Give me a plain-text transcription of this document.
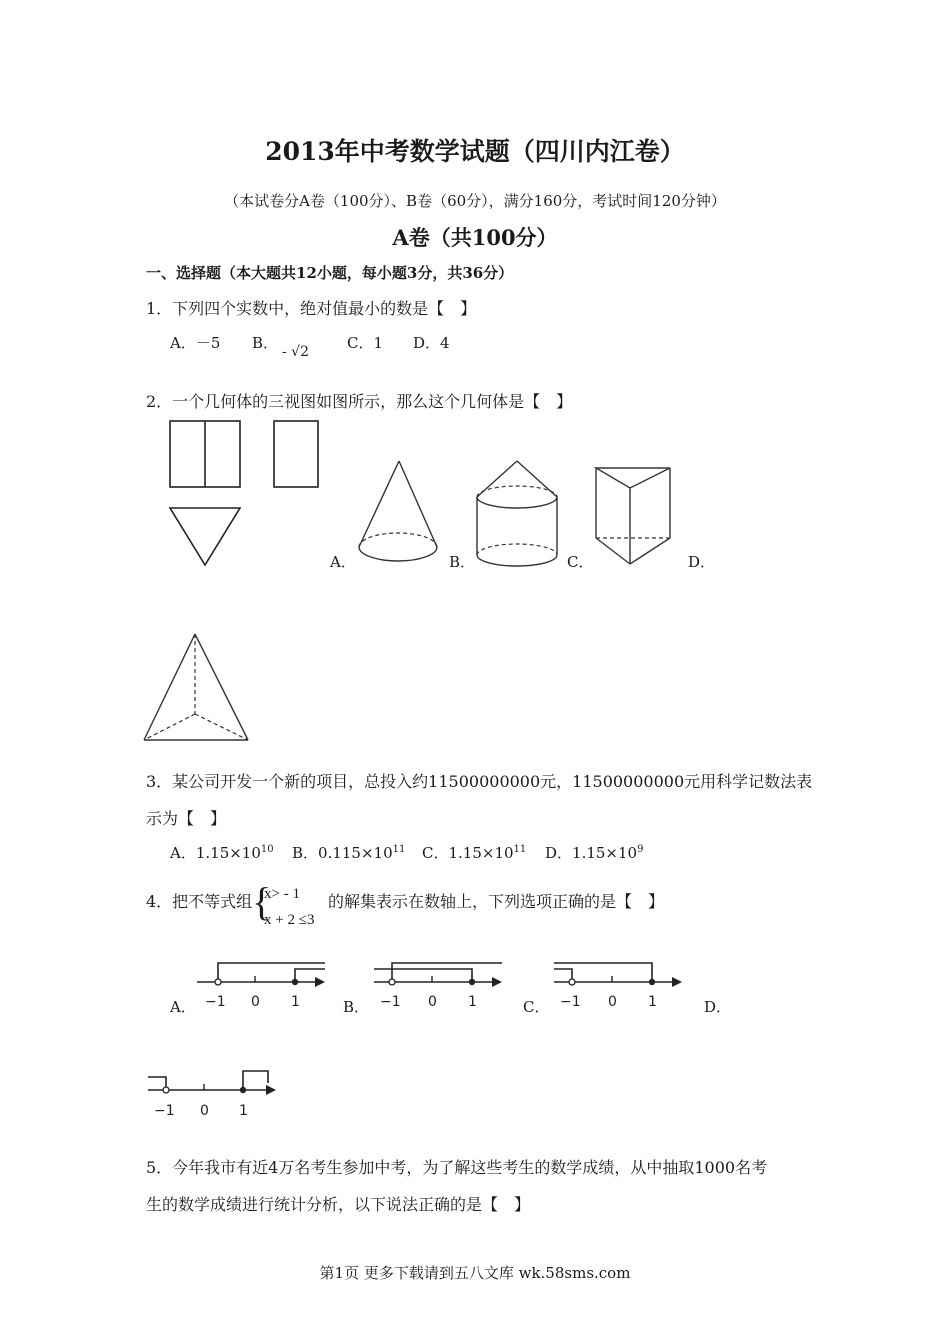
2013年中考数学试题（四川内江卷）
（本试卷分A卷（100分）、B卷（60分），满分160分，考试时间120分钟）
A卷（共100分）
一、选择题（本大题共12小题，每小题3分，共36分）
1．下列四个实数中，绝对值最小的数是【　】
A．－5 B． - √2	C．1 D．4
2．一个几何体的三视图如图所示，那么这个几何体是【　】
A．	B．	C．	D．
3．某公司开发一个新的项目，总投入约11500000000元，11500000000元用科学记数法表
示为【　】
A．$1.15\times 10^{10}$ B．$0.115\times 10^{11}$ C．$1.15\times 10^{11}$ D．$1.15\times 10^9$
4．把不等式组 {
x> - 1
x + 2 ≤3
的解集表示在数轴上，下列选项正确的是【　】
−1 0 1
A．	−1 0 1
B．	−1 0 1
C．	D．
−1 0 1
5．今年我市有近4万名考生参加中考，为了解这些考生的数学成绩，从中抽取1000名考
生的数学成绩进行统计分析，以下说法正确的是【　】
第1页 更多下载请到五八文库 wk.58sms.com
